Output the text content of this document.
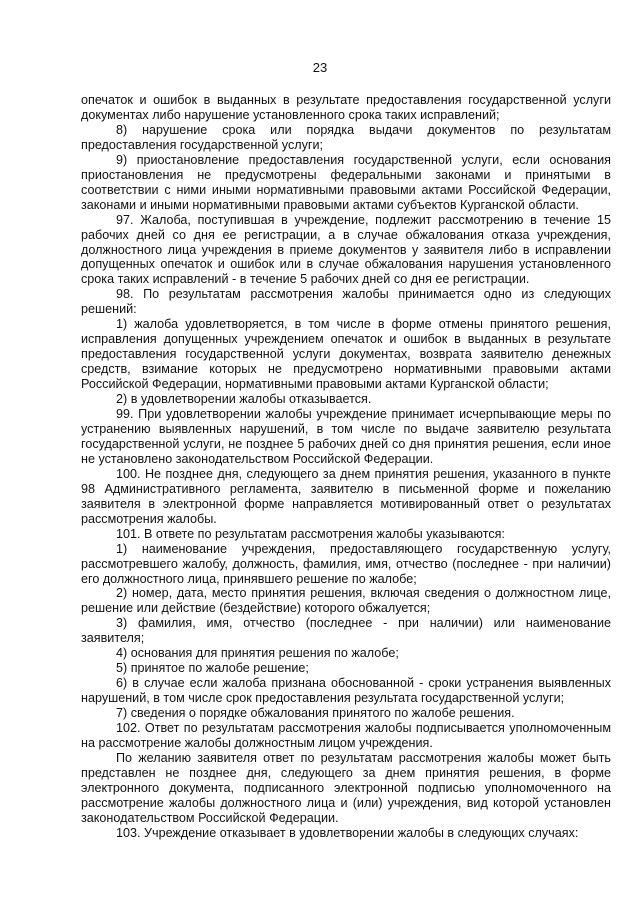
23

опечаток и ошибок в выданных в результате предоставления государственной услуги документах либо нарушение установленного срока таких исправлений;

8) нарушение срока или порядка выдачи документов по результатам предоставления государственной услуги;

9) приостановление предоставления государственной услуги, если основания приостановления не предусмотрены федеральными законами и принятыми в соответствии с ними иными нормативными правовыми актами Российской Федерации, законами и иными нормативными правовыми актами субъектов Курганской области.

97. Жалоба, поступившая в учреждение, подлежит рассмотрению в течение 15 рабочих дней со дня ее регистрации, а в случае обжалования отказа учреждения, должностного лица учреждения в приеме документов у заявителя либо в исправлении допущенных опечаток и ошибок или в случае обжалования нарушения установленного срока таких исправлений - в течение 5 рабочих дней со дня ее регистрации.

98. По результатам рассмотрения жалобы принимается одно из следующих решений:

1) жалоба удовлетворяется, в том числе в форме отмены принятого решения, исправления допущенных учреждением опечаток и ошибок в выданных в результате предоставления государственной услуги документах, возврата заявителю денежных средств, взимание которых не предусмотрено нормативными правовыми актами Российской Федерации, нормативными правовыми актами Курганской области;

2) в удовлетворении жалобы отказывается.

99. При удовлетворении жалобы учреждение принимает исчерпывающие меры по устранению выявленных нарушений, в том числе по выдаче заявителю результата государственной услуги, не позднее 5 рабочих дней со дня принятия решения, если иное не установлено законодательством Российской Федерации.

100. Не позднее дня, следующего за днем принятия решения, указанного в пункте 98 Административного регламента, заявителю в письменной форме и пожеланию заявителя в электронной форме направляется мотивированный ответ о результатах рассмотрения жалобы.

101. В ответе по результатам рассмотрения жалобы указываются:

1) наименование учреждения, предоставляющего государственную услугу, рассмотревшего жалобу, должность, фамилия, имя, отчество (последнее - при наличии) его должностного лица, принявшего решение по жалобе;

2) номер, дата, место принятия решения, включая сведения о должностном лице, решение или действие (бездействие) которого обжалуется;

3) фамилия, имя, отчество (последнее - при наличии) или наименование заявителя;

4) основания для принятия решения по жалобе;

5) принятое по жалобе решение;

6) в случае если жалоба признана обоснованной - сроки устранения выявленных нарушений, в том числе срок предоставления результата государственной услуги;

7) сведения о порядке обжалования принятого по жалобе решения.

102. Ответ по результатам рассмотрения жалобы подписывается уполномоченным на рассмотрение жалобы должностным лицом учреждения.

По желанию заявителя ответ по результатам рассмотрения жалобы может быть представлен не позднее дня, следующего за днем принятия решения, в форме электронного документа, подписанного электронной подписью уполномоченного на рассмотрение жалобы должностного лица и (или) учреждения, вид которой установлен законодательством Российской Федерации.

103. Учреждение отказывает в удовлетворении жалобы в следующих случаях:
